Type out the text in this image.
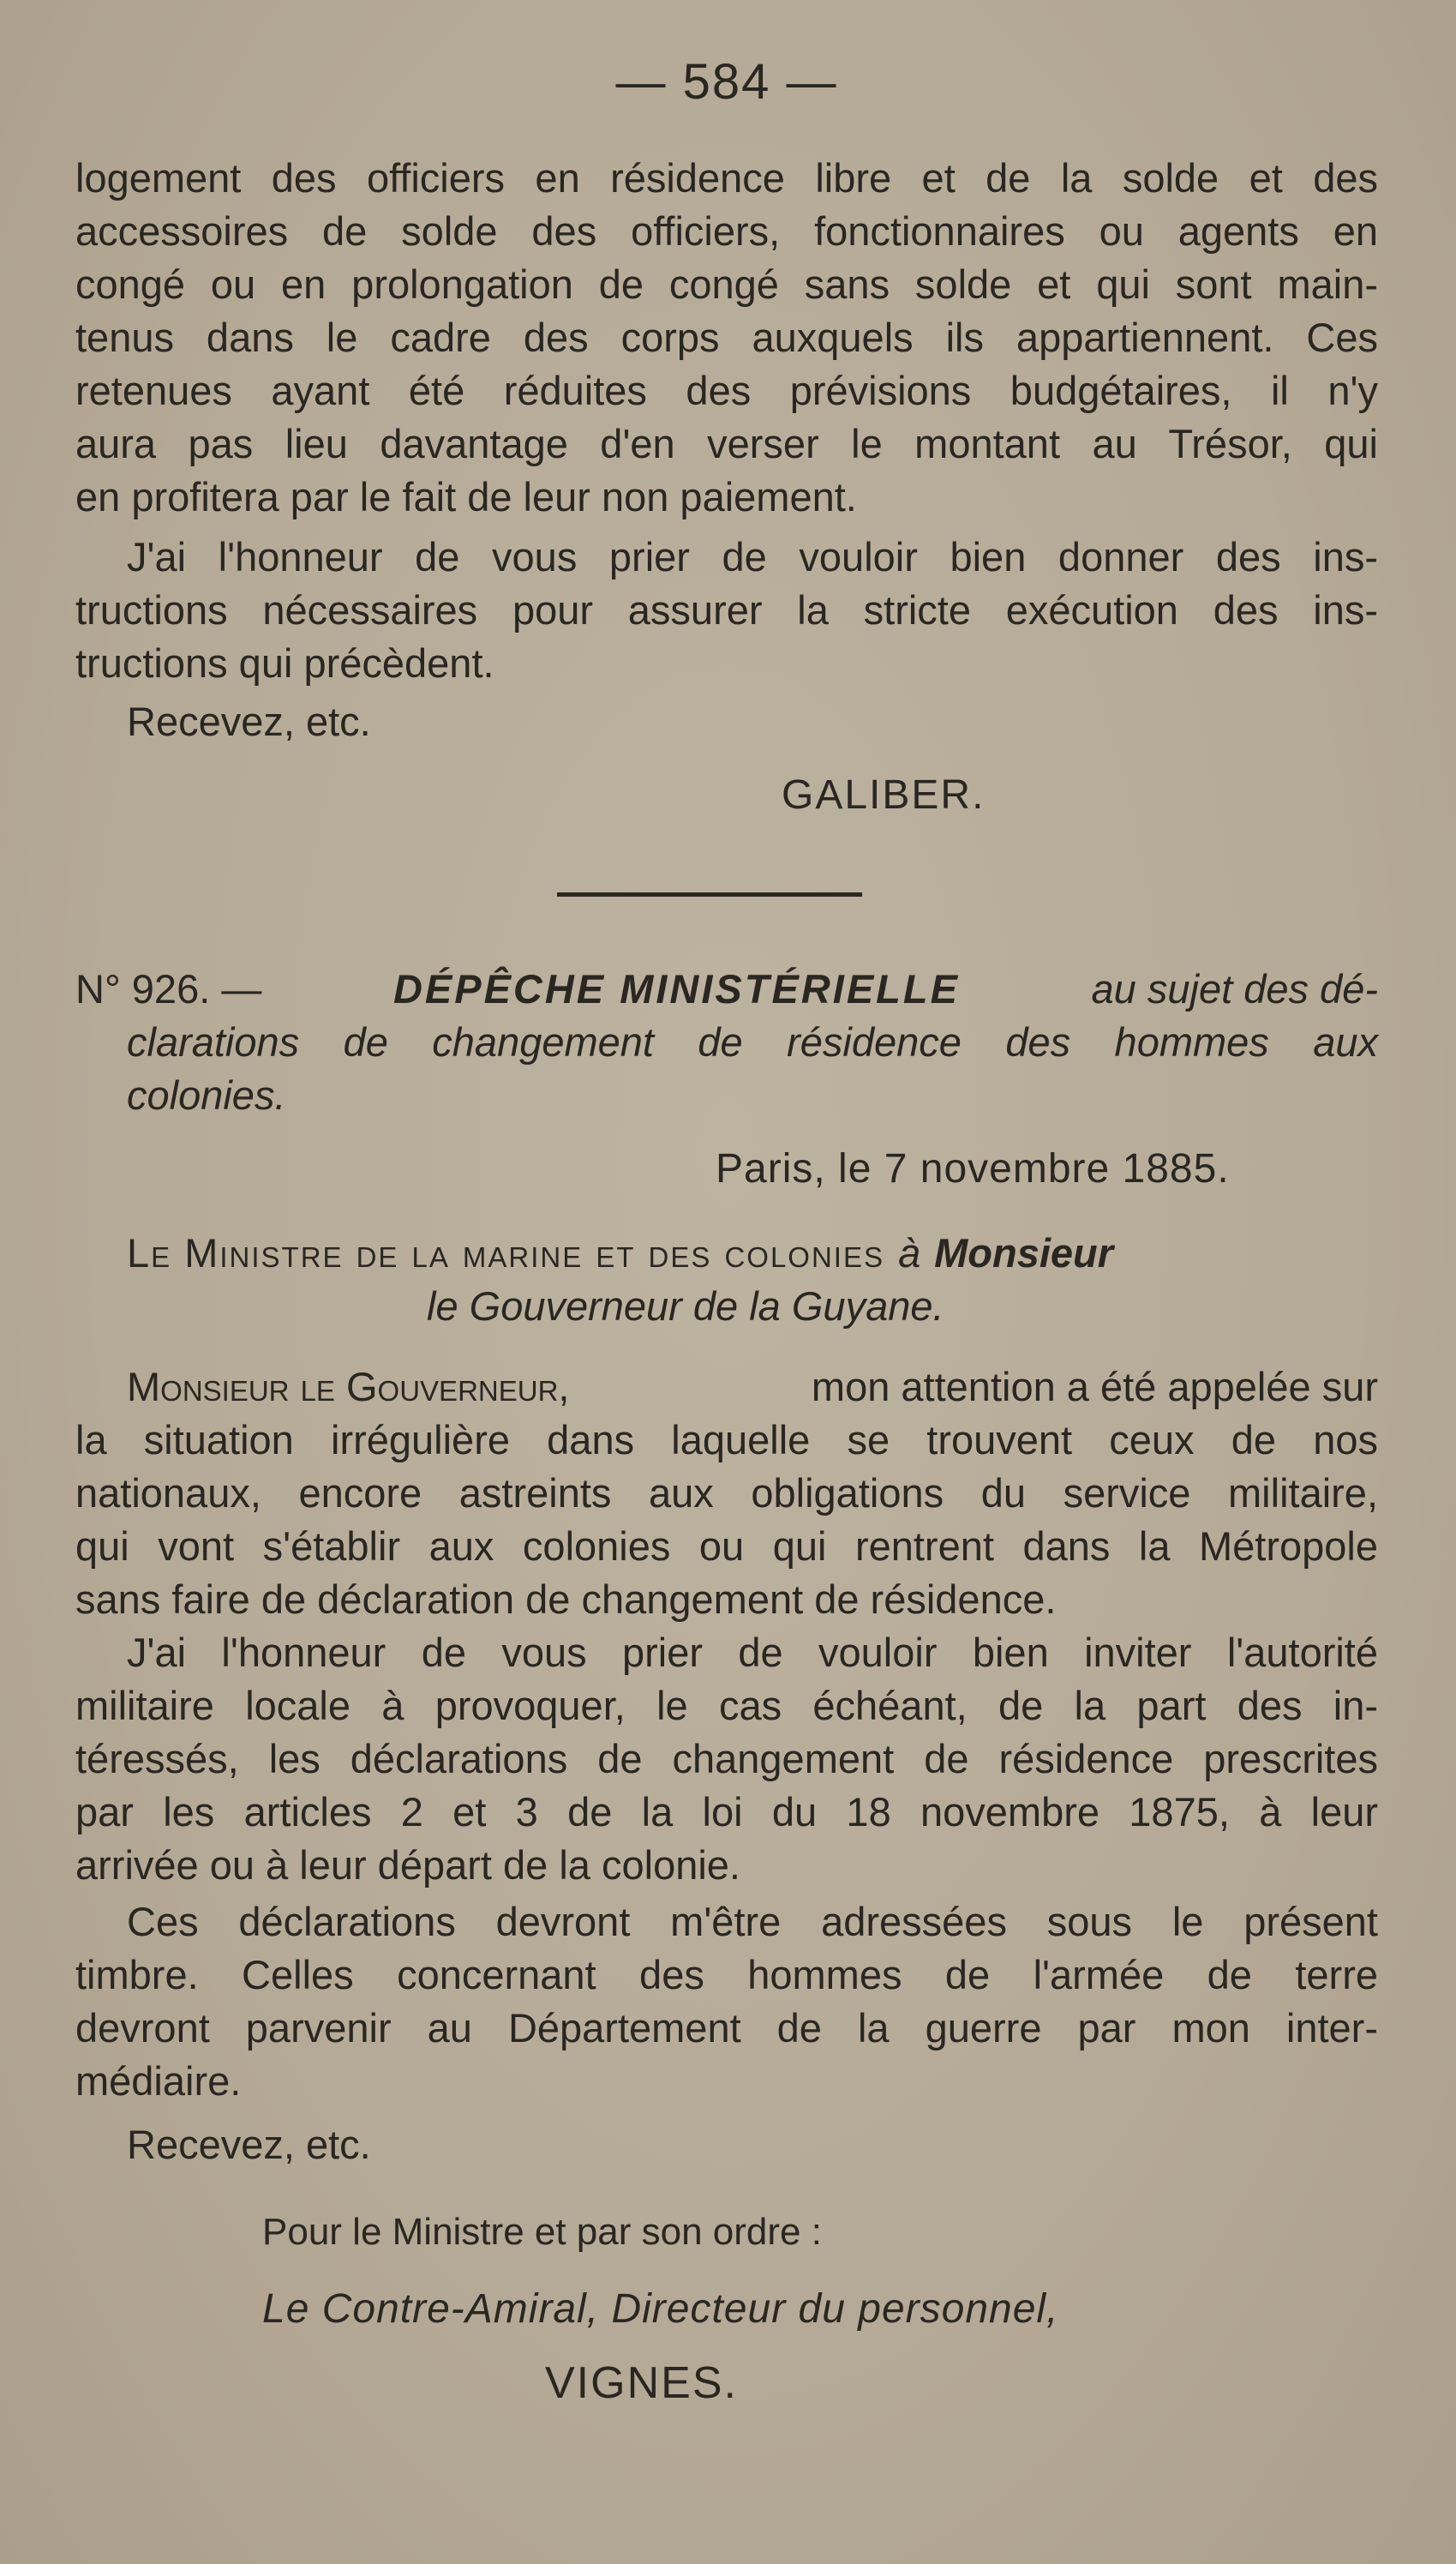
— 584 —
logement des officiers en résidence libre et de la solde et des
accessoires de solde des officiers, fonctionnaires ou agents en
congé ou en prolongation de congé sans solde et qui sont main-
tenus dans le cadre des corps auxquels ils appartiennent. Ces
retenues ayant été réduites des prévisions budgétaires, il n'y
aura pas lieu davantage d'en verser le montant au Trésor, qui
en profitera par le fait de leur non paiement.
J'ai l'honneur de vous prier de vouloir bien donner des ins-
tructions nécessaires pour assurer la stricte exécution des ins-
tructions qui précèdent.
Recevez, etc.
GALIBER.
N° 926. —	DÉPÊCHE MINISTÉRIELLE	au sujet des dé-
clarations de changement de résidence des hommes aux
colonies.
Paris, le 7 novembre 1885.
Le Ministre de la marine et des colonies à Monsieur
le Gouverneur de la Guyane.
Monsieur le Gouverneur,	mon attention a été appelée sur
la situation irrégulière dans laquelle se trouvent ceux de nos
nationaux, encore astreints aux obligations du service militaire,
qui vont s'établir aux colonies ou qui rentrent dans la Métropole
sans faire de déclaration de changement de résidence.
J'ai l'honneur de vous prier de vouloir bien inviter l'autorité
militaire locale à provoquer, le cas échéant, de la part des in-
téressés, les déclarations de changement de résidence prescrites
par les articles 2 et 3 de la loi du 18 novembre 1875, à leur
arrivée ou à leur départ de la colonie.
Ces déclarations devront m'être adressées sous le présent
timbre. Celles concernant des hommes de l'armée de terre
devront parvenir au Département de la guerre par mon inter-
médiaire.
Recevez, etc.
Pour le Ministre et par son ordre :
Le Contre-Amiral, Directeur du personnel,
VIGNES.
